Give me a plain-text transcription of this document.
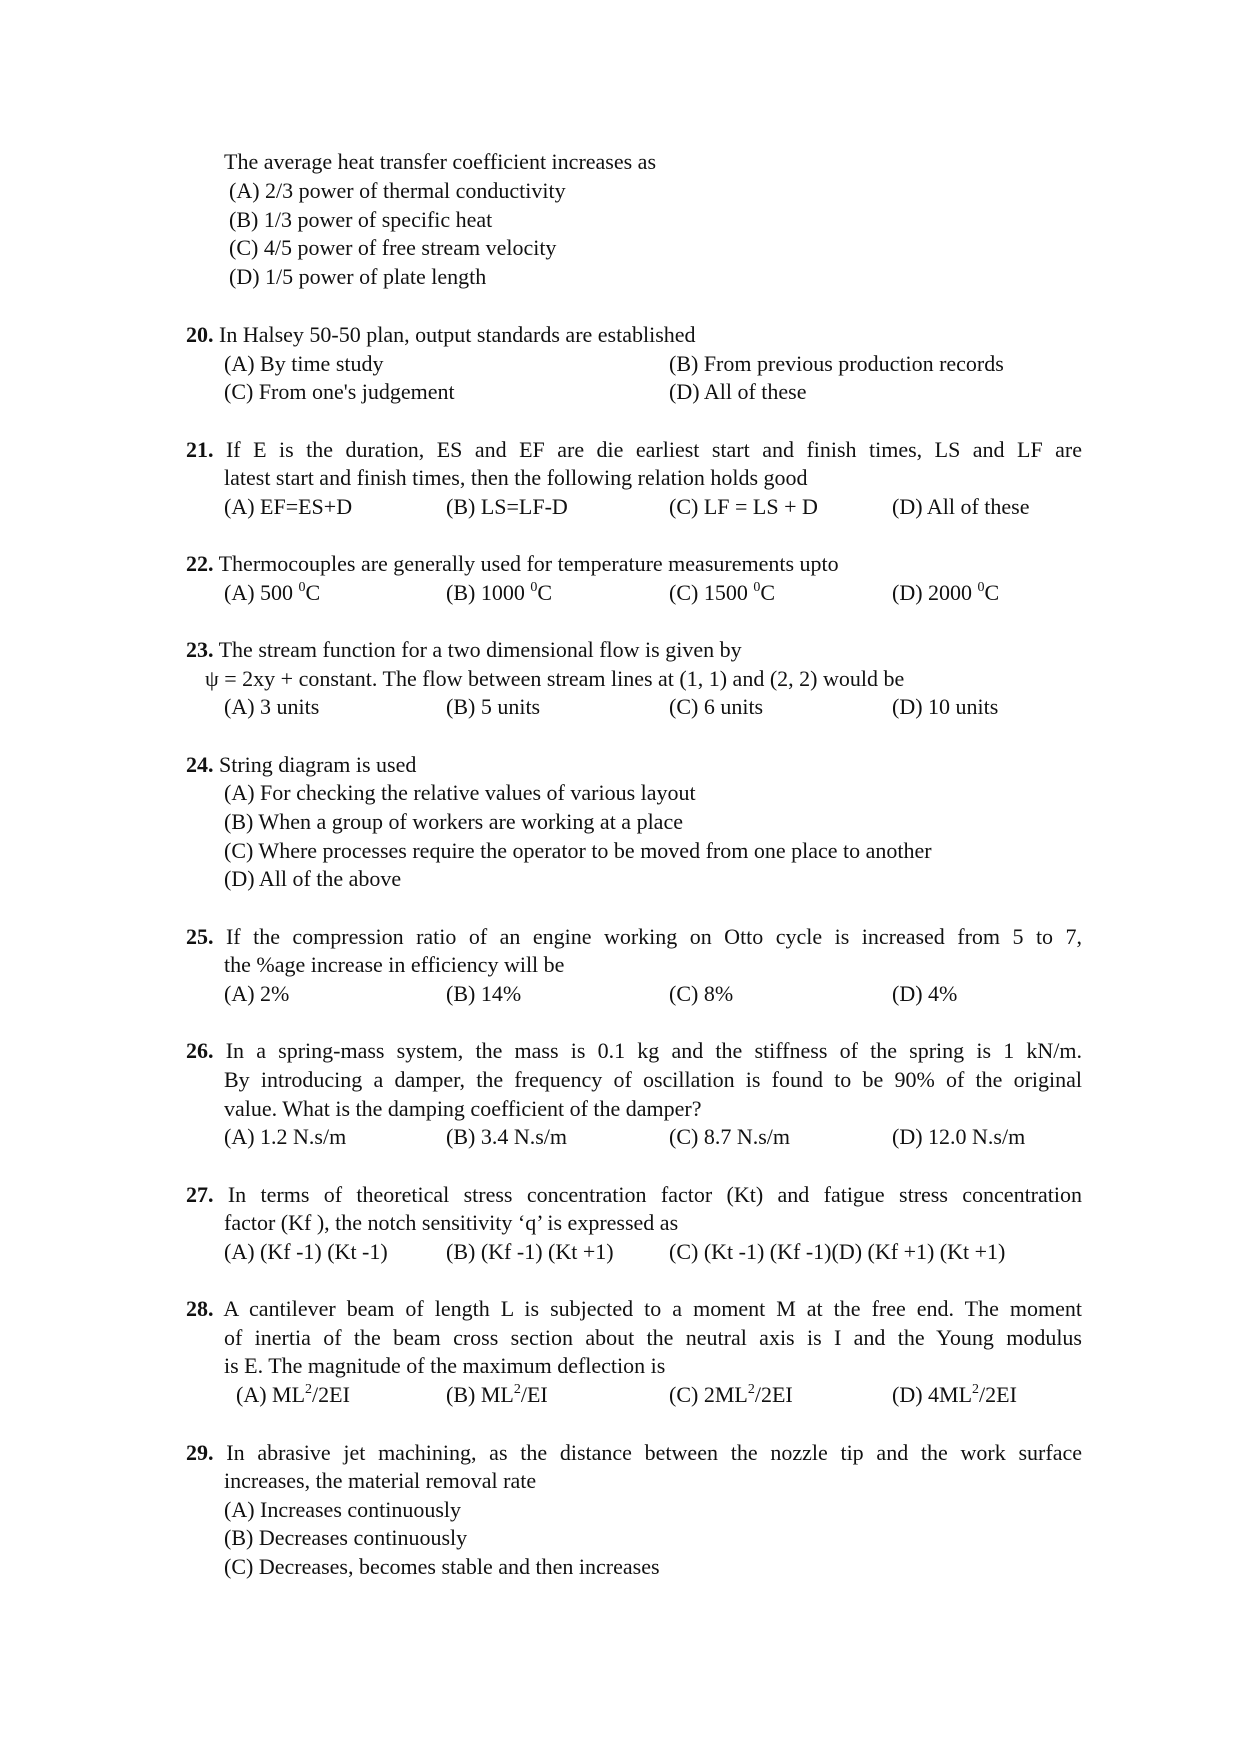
The average heat transfer coefficient increases as
(A) 2/3 power of thermal conductivity
(B) 1/3 power of specific heat
(C) 4/5 power of free stream velocity
(D) 1/5 power of plate length
20. In Halsey 50-50 plan, output standards are established
(A) By time study	(B) From previous production records
(C) From one's judgement	(D) All of these
21. If E is the duration, ES and EF are die earliest start and finish times, LS and LF are
latest start and finish times, then the following relation holds good
(A) EF=ES+D	(B) LS=LF-D	(C) LF = LS + D	(D) All of these
22. Thermocouples are generally used for temperature measurements upto
(A) 500 $^0$C	(B) 1000 $^0$C	(C) 1500 $^0$C	(D) 2000 $^0$C
23. The stream function for a two dimensional flow is given by
ψ = 2xy + constant. The flow between stream lines at (1, 1) and (2, 2) would be
(A) 3 units	(B) 5 units	(C) 6 units	(D) 10 units
24. String diagram is used
(A) For checking the relative values of various layout
(B) When a group of workers are working at a place
(C) Where processes require the operator to be moved from one place to another
(D) All of the above
25. If the compression ratio of an engine working on Otto cycle is increased from 5 to 7,
the %age increase in efficiency will be
(A) 2%	(B) 14%	(C) 8%	(D) 4%
26. In a spring-mass system, the mass is 0.1 kg and the stiffness of the spring is 1 kN/m.
By introducing a damper, the frequency of oscillation is found to be 90% of the original
value. What is the damping coefficient of the damper?
(A) 1.2 N.s/m	(B) 3.4 N.s/m	(C) 8.7 N.s/m	(D) 12.0 N.s/m
27. In terms of theoretical stress concentration factor (Kt) and fatigue stress concentration
factor (Kf ), the notch sensitivity ‘q’ is expressed as
(A) (Kf -1) (Kt -1)	(B) (Kf -1) (Kt +1)	(C) (Kt -1) (Kf -1)(D) (Kf +1) (Kt +1)
28. A cantilever beam of length L is subjected to a moment M at the free end. The moment
of inertia of the beam cross section about the neutral axis is I and the Young modulus
is E. The magnitude of the maximum deflection is
(A) $ML^2/2EI$	(B) $ML^2/EI$	(C) $2ML^2/2EI$	(D) $4ML^2/2EI$
29. In abrasive jet machining, as the distance between the nozzle tip and the work surface
increases, the material removal rate
(A) Increases continuously
(B) Decreases continuously
(C) Decreases, becomes stable and then increases
